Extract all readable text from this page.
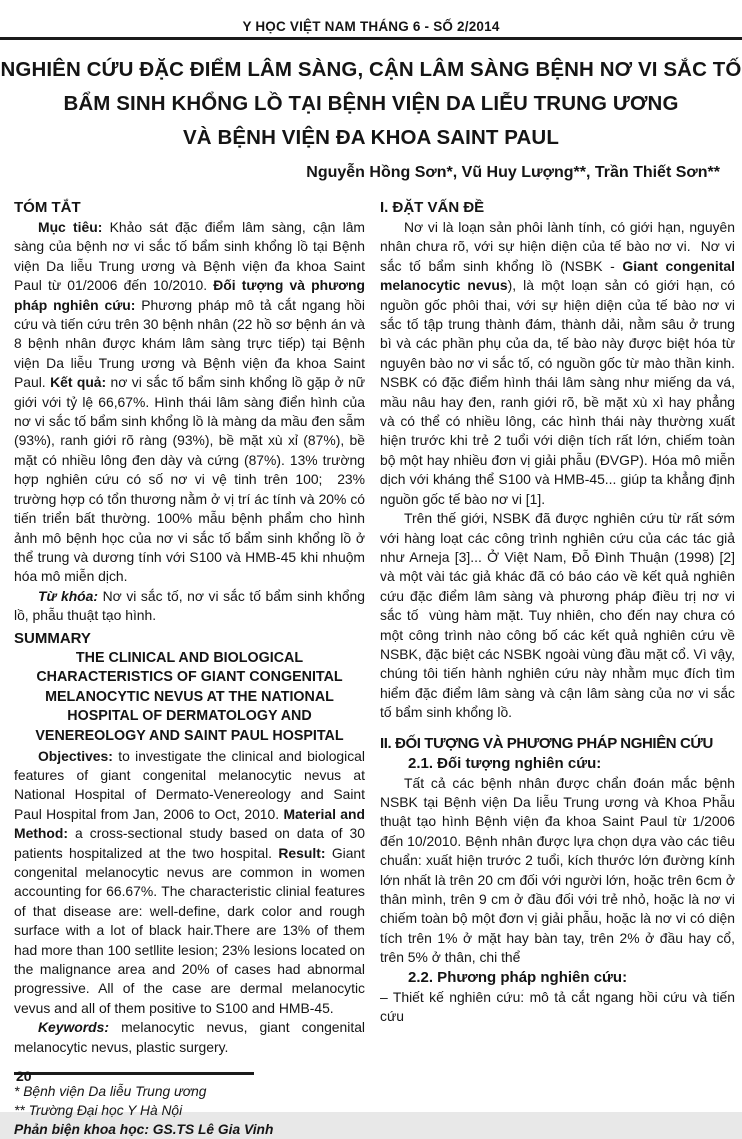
Y HỌC VIỆT NAM THÁNG 6 - SỐ 2/2014
NGHIÊN CỨU ĐẶC ĐIỂM LÂM SÀNG, CẬN LÂM SÀNG BỆNH NƠ VI SẮC TỐ
BẨM SINH KHỔNG LỒ TẠI BỆNH VIỆN DA LIỄU TRUNG ƯƠNG
VÀ BỆNH VIỆN ĐA KHOA SAINT PAUL
Nguyễn Hồng Sơn*, Vũ Huy Lượng**, Trần Thiết Sơn**
TÓM TẮT

Mục tiêu: Khảo sát đặc điểm lâm sàng, cận lâm sàng của bệnh nơ vi sắc tố bẩm sinh khổng lồ tại Bệnh viện Da liễu Trung ương và Bệnh viện đa khoa Saint Paul từ 01/2006 đến 10/2010. Đối tượng và phương pháp nghiên cứu: Phương pháp mô tả cắt ngang hồi cứu và tiến cứu trên 30 bệnh nhân (22 hồ sơ bệnh án và 8 bệnh nhân được khám lâm sàng trực tiếp) tại Bệnh viện Da liễu Trung ương và Bệnh viện đa khoa Saint Paul. Kết quả: nơ vi sắc tố bẩm sinh khổng lồ gặp ở nữ giới với tỷ lệ 66,67%. Hình thái lâm sàng điển hình của nơ vi sắc tố bẩm sinh khổng lồ là màng da mầu đen sẫm (93%), ranh giới rõ ràng (93%), bề mặt xù xỉ (87%), bề mặt có nhiều lông đen dày và cứng (87%). 13% trường hợp nghiên cứu có số nơ vi vệ tinh trên 100;  23% trường hợp có tổn thương nằm ở vị trí ác tính và 20% có tiến triển bất thường. 100% mẫu bệnh phẩm cho hình ảnh mô bệnh học của nơ vi sắc tố bẩm sinh khổng lồ ở thể trung và dương tính với S100 và HMB-45 khi nhuộm hóa mô miễn dịch.

Từ khóa: Nơ vi sắc tố, nơ vi sắc tố bẩm sinh khổng lồ, phẫu thuật tạo hình.

SUMMARY

THE CLINICAL AND BIOLOGICAL CHARACTERISTICS OF GIANT CONGENITAL MELANOCYTIC NEVUS AT THE NATIONAL HOSPITAL OF DERMATOLOGY AND VENEREOLOGY AND SAINT PAUL HOSPITAL

Objectives: to investigate the clinical and biological features of giant congenital melanocytic nevus at National Hospital of Dermato-Venereology and Saint Paul Hospital from Jan, 2006 to Oct, 2010. Material and Method: a cross-sectional study based on data of 30 patients hospitalized at the two hospital. Result: Giant congenital melanocytic nevus are common in women accounting for 66.67%. The characteristic clinial features of that disease are: well-define, dark color and rough surface with a lot of black hair.There are 13% of them had more than 100 setllite lesion; 23% lesions located on the malignance area and 20% of cases had abnormal progressive. All of the case are dermal melanocytic vevus and all of them positive to S100 and HMB-45.

Keywords: melanocytic nevus, giant congenital melanocytic nevus, plastic surgery.

* Bệnh viện Da liễu Trung ương
** Trường Đại học Y Hà Nội
Phản biện khoa học: GS.TS Lê Gia Vinh
I. ĐẶT VẤN ĐỀ

Nơ vi là loạn sản phôi lành tính, có giới hạn, nguyên nhân chưa rõ, với sự hiện diện của tế bào nơ vi.  Nơ vi sắc tố bẩm sinh khổng lồ (NSBK - Giant congenital melanocytic nevus), là một loạn sản có giới hạn, có nguồn gốc phôi thai, với sự hiện diện của tế bào nơ vi sắc tố tập trung thành đám, thành dải, nằm sâu ở trung bì và các phần phụ của da, tế bào này được biệt hóa từ nguyên bào nơ vi sắc tố, có nguồn gốc từ mào thần kinh. NSBK có đặc điểm hình thái lâm sàng như miếng da vá, mầu nâu hay đen, ranh giới rõ, bề mặt xù xì hay phẳng và có thể có nhiều lông, các hình thái này thường xuất hiện trước khi trẻ 2 tuổi với diện tích rất lớn, chiếm toàn bộ một hay nhiều đơn vị giải phẫu (ĐVGP). Hóa mô miễn dịch với kháng thể S100 và HMB-45... giúp ta khẳng định nguồn gốc tế bào nơ vi [1].

Trên thế giới, NSBK đã được nghiên cứu từ rất sớm với hàng loạt các công trình nghiên cứu của các tác giả như Arneja [3]... Ở Việt Nam, Đỗ Đình Thuận (1998) [2] và một vài tác giả khác đã có báo cáo về kết quả nghiên cứu đặc điểm lâm sàng và phương pháp điều trị nơ vi sắc tố  vùng hàm mặt. Tuy nhiên, cho đến nay chưa có một công trình nào công bố các kết quả nghiên cứu về NSBK, đặc biệt các NSBK ngoài vùng đầu mặt cổ. Vì vậy, chúng tôi tiến hành nghiên cứu này nhằm mục đích tìm hiểm đặc điểm lâm sàng và cận lâm sàng của nơ vi sắc tố bẩm sinh khổng lồ.

II. ĐỐI TƯỢNG VÀ PHƯƠNG PHÁP NGHIÊN CỨU
2.1. Đối tượng nghiên cứu:

Tất cả các bệnh nhân được chẩn đoán mắc bệnh NSBK tại Bệnh viện Da liễu Trung ương và Khoa Phẫu thuật tạo hình Bệnh viện đa khoa Saint Paul từ 1/2006 đến 10/2010. Bệnh nhân được lựa chọn dựa vào các tiêu chuẩn: xuất hiện trước 2 tuổi, kích thước lớn đường kính lớn nhất là trên 20 cm đối với người lớn, hoặc trên 6cm ở thân mình, trên 9 cm ở đầu đối với trẻ nhỏ, hoặc là nơ vi chiếm toàn bộ một đơn vị giải phẫu, hoặc là nơ vi có diện tích trên 1% ở mặt hay bàn tay, trên 2% ở đầu hay cổ, trên 5% ở thân, chi thể

2.2. Phương pháp nghiên cứu:

– Thiết kế nghiên cứu: mô tả cắt ngang hồi cứu và tiến cứu

20
